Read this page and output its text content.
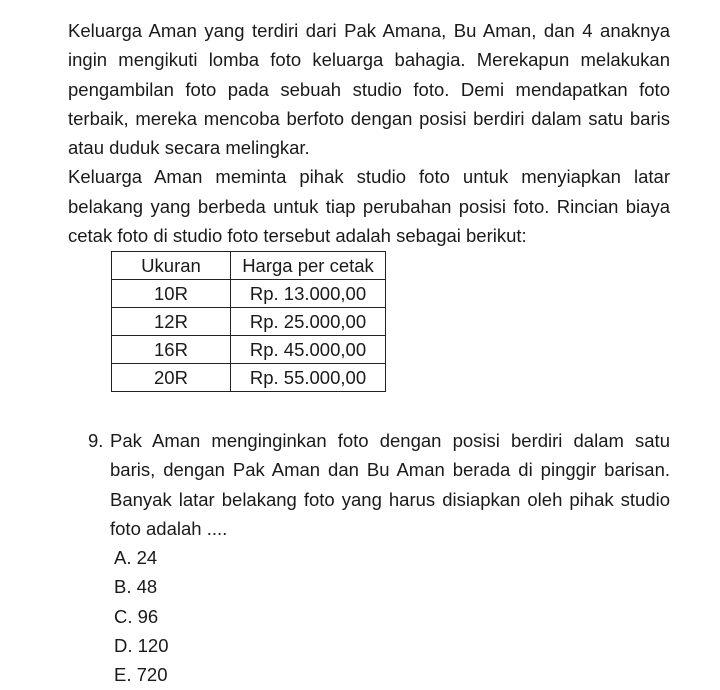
Keluarga Aman yang terdiri dari Pak Amana, Bu Aman, dan 4 anaknya ingin mengikuti lomba foto keluarga bahagia. Merekapun melakukan pengambilan foto pada sebuah studio foto. Demi mendapatkan foto terbaik, mereka mencoba berfoto dengan posisi berdiri dalam satu baris atau duduk secara melingkar.

Keluarga Aman meminta pihak studio foto untuk menyiapkan latar belakang yang berbeda untuk tiap perubahan posisi foto. Rincian biaya cetak foto di studio foto tersebut adalah sebagai berikut:

Ukuran	Harga per cetak
10R	Rp. 13.000,00
12R	Rp. 25.000,00
16R	Rp. 45.000,00
20R	Rp. 55.000,00
9. Pak Aman menginginkan foto dengan posisi berdiri dalam satu baris, dengan Pak Aman dan Bu Aman berada di pinggir barisan. Banyak latar belakang foto yang harus disiapkan oleh pihak studio foto adalah ....

A. 24
B. 48
C. 96
D. 120
E. 720
